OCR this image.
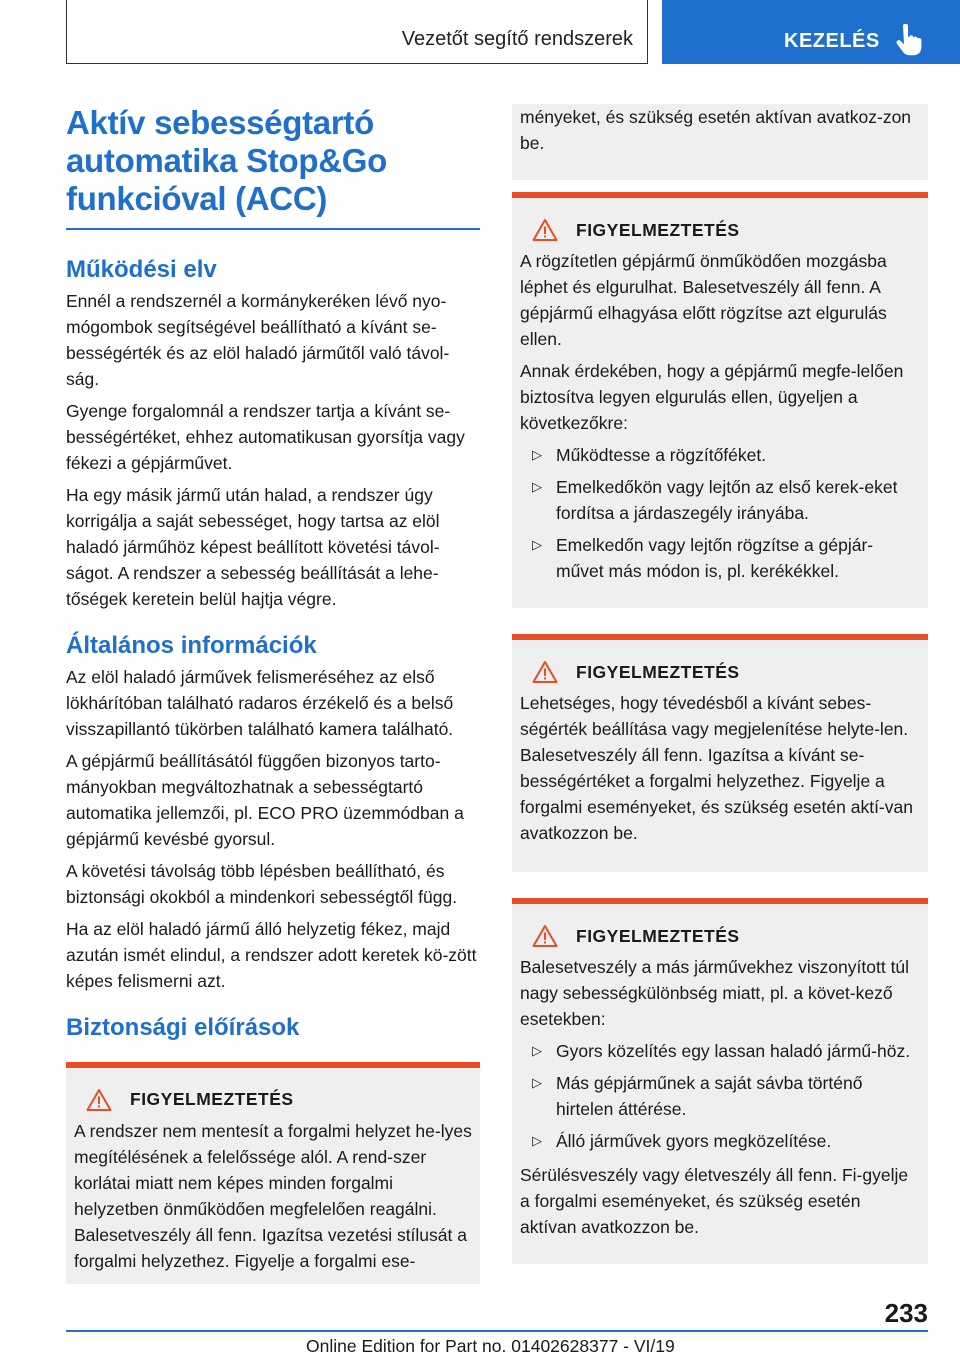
Vezetőt segítő rendszerek	KEZELÉS
Aktív sebességtartó automatika Stop&Go funkcióval (ACC)
Működési elv

Ennél a rendszernél a kormánykeréken lévő nyo-mógombok segítségével beállítható a kívánt se-bességérték és az elöl haladó járműtől való távol-ság.

Gyenge forgalomnál a rendszer tartja a kívánt se-bességértéket, ehhez automatikusan gyorsítja vagy fékezi a gépjárművet.

Ha egy másik jármű után halad, a rendszer úgy korrigálja a saját sebességet, hogy tartsa az elöl haladó járműhöz képest beállított követési távol-ságot. A rendszer a sebesség beállítását a lehe-tőségek keretein belül hajtja végre.

Általános információk

Az elöl haladó járművek felismeréséhez az első lökhárítóban található radaros érzékelő és a belső visszapillantó tükörben található kamera található.

A gépjármű beállításától függően bizonyos tarto-mányokban megváltozhatnak a sebességtartó automatika jellemzői, pl. ECO PRO üzemmódban a gépjármű kevésbé gyorsul.

A követési távolság több lépésben beállítható, és biztonsági okokból a mindenkori sebességtől függ.

Ha az elöl haladó jármű álló helyzetig fékez, majd azután ismét elindul, a rendszer adott keretek kö-zött képes felismerni azt.

Biztonsági előírások
FIGYELMEZTETÉS

A rendszer nem mentesít a forgalmi helyzet he-lyes megítélésének a felelőssége alól. A rend-szer korlátai miatt nem képes minden forgalmi helyzetben önműködően megfelelően reagálni. Balesetveszély áll fenn. Igazítsa vezetési stílusát a forgalmi helyzethez. Figyelje a forgalmi ese-

ményeket, és szükség esetén aktívan avatkoz-zon be.

FIGYELMEZTETÉS

A rögzítetlen gépjármű önműködően mozgásba léphet és elgurulhat. Balesetveszély áll fenn. A gépjármű elhagyása előtt rögzítse azt elgurulás ellen.

Annak érdekében, hogy a gépjármű megfe-lelően biztosítva legyen elgurulás ellen, ügyeljen a következőkre:

▷ Működtesse a rögzítőféket.
▷ Emelkedőkön vagy lejtőn az első kerek-eket fordítsa a járdaszegély irányába.
▷ Emelkedőn vagy lejtőn rögzítse a gépjár-művet más módon is, pl. kerékékkel.
FIGYELMEZTETÉS

Lehetséges, hogy tévedésből a kívánt sebes-ségérték beállítása vagy megjelenítése helyte-len. Balesetveszély áll fenn. Igazítsa a kívánt se-bességértéket a forgalmi helyzethez. Figyelje a forgalmi eseményeket, és szükség esetén aktí-van avatkozzon be.

FIGYELMEZTETÉS

Balesetveszély a más járművekhez viszonyított túl nagy sebességkülönbség miatt, pl. a követ-kező esetekben:

▷ Gyors közelítés egy lassan haladó jármű-höz.
▷ Más gépjárműnek a saját sávba történő hirtelen áttérése.
▷ Álló járművek gyors megközelítése.

Sérülésveszély vagy életveszély áll fenn. Fi-gyelje a forgalmi eseményeket, és szükség esetén aktívan avatkozzon be.

233
Online Edition for Part no. 01402628377 - VI/19
